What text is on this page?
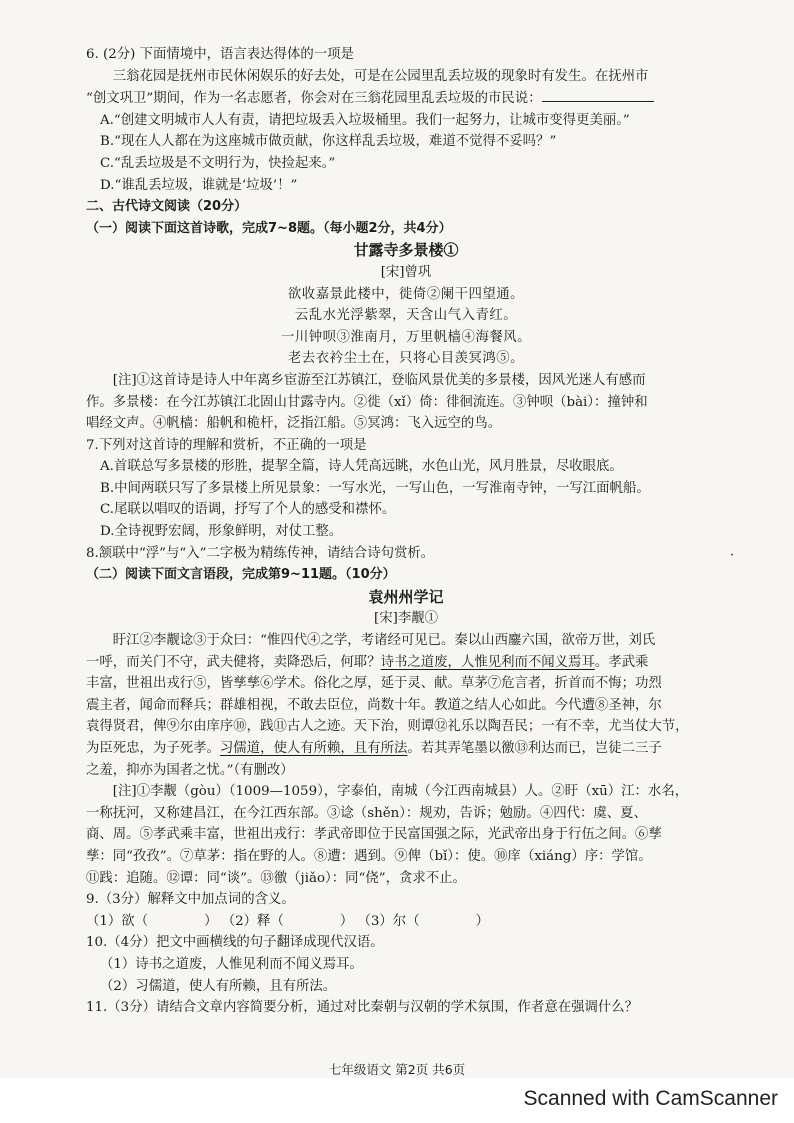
6. (2分) 下面情境中，语言表达得体的一项是

三翁花园是抚州市民休闲娱乐的好去处，可是在公园里乱丢垃圾的现象时有发生。在抚州市

“创文巩卫”期间，作为一名志愿者，你会对在三翁花园里乱丢垃圾的市民说：

A.“创建文明城市人人有责，请把垃圾丢入垃圾桶里。我们一起努力，让城市变得更美丽。”

B.“现在人人都在为这座城市做贡献，你这样乱丢垃圾，难道不觉得不妥吗？”

C.“乱丢垃圾是不文明行为，快捡起来。”

D.“谁乱丢垃圾，谁就是‘垃圾’！”

二、古代诗文阅读（20分）

（一）阅读下面这首诗歌，完成7~8题。（每小题2分，共4分）

甘露寺多景楼①

[宋]曾巩

欲收嘉景此楼中，徙倚②阑干四望通。

云乱水光浮紫翠，天含山气入青红。

一川钟呗③淮南月，万里帆樯④海餐风。

老去衣衿尘土在，只将心目羡冥鸿⑤。

[注]①这首诗是诗人中年离乡宦游至江苏镇江，登临风景优美的多景楼，因风光迷人有感而

作。多景楼：在今江苏镇江北固山甘露寺内。②徙（xǐ）倚：徘徊流连。③钟呗（bài）：撞钟和

唱经文声。④帆樯：船帆和桅杆，泛指江船。⑤冥鸿：飞入远空的鸟。

7.下列对这首诗的理解和赏析，不正确的一项是

A.首联总写多景楼的形胜，提挈全篇，诗人凭高远眺，水色山光，风月胜景，尽收眼底。

B.中间两联只写了多景楼上所见景象：一写水光，一写山色，一写淮南寺钟，一写江面帆船。

C.尾联以唱叹的语调，抒写了个人的感受和襟怀。

D.全诗视野宏阔，形象鲜明，对仗工整。

8.颔联中“浮”与“入”二字极为精练传神，请结合诗句赏析。

（二）阅读下面文言语段，完成第9~11题。（10分）

袁州州学记

[宋]李觏①

盱江②李觏谂③于众曰：“惟四代④之学，考诸经可见已。秦以山西鏖六国，欲帝万世，刘氏

一呼，而关门不守，武夫健将，卖降恐后，何耶？诗书之道废，人惟见利而不闻义焉耳。孝武乘

丰富，世祖出戎行⑤，皆孳孳⑥学术。俗化之厚，延于灵、献。草茅⑦危言者，折首而不悔；功烈

震主者，闻命而释兵；群雄相视，不敢去臣位，尚数十年。教道之结人心如此。今代遭⑧圣神，尔

袁得贤君，俾⑨尔由庠序⑩，践⑪古人之迹。天下治，则谭⑫礼乐以陶吾民；一有不幸，尤当仗大节，

为臣死忠，为子死孝。习儒道，使人有所赖，且有所法。若其弄笔墨以徼⑬利达而已，岂徒二三子

之羞，抑亦为国者之忧。”（有删改）

[注]①李觏（gòu）（1009—1059），字泰伯，南城（今江西南城县）人。②盱（xū）江：水名，

一称抚河，又称建昌江，在今江西东部。③谂（shěn）：规劝，告诉；勉励。④四代：虞、夏、

商、周。⑤孝武乘丰富，世祖出戎行：孝武帝即位于民富国强之际，光武帝出身于行伍之间。⑥孳

孳：同“孜孜”。⑦草茅：指在野的人。⑧遭：遇到。⑨俾（bǐ）：使。⑩庠（xiáng）序：学馆。

⑪践：追随。⑫谭：同“谈”。⑬徼（jiǎo）：同“侥”，贪求不止。

9.（3分）解释文中加点词的含义。

（1）欲（	） （2）释（	） （3）尔（	）

10.（4分）把文中画横线的句子翻译成现代汉语。

（1）诗书之道废，人惟见利而不闻义焉耳。

（2）习儒道，使人有所赖，且有所法。

11.（3分）请结合文章内容简要分析，通过对比秦朝与汉朝的学术氛围，作者意在强调什么？

·
七年级语文 第2页 共6页
Scanned with CamScanner
